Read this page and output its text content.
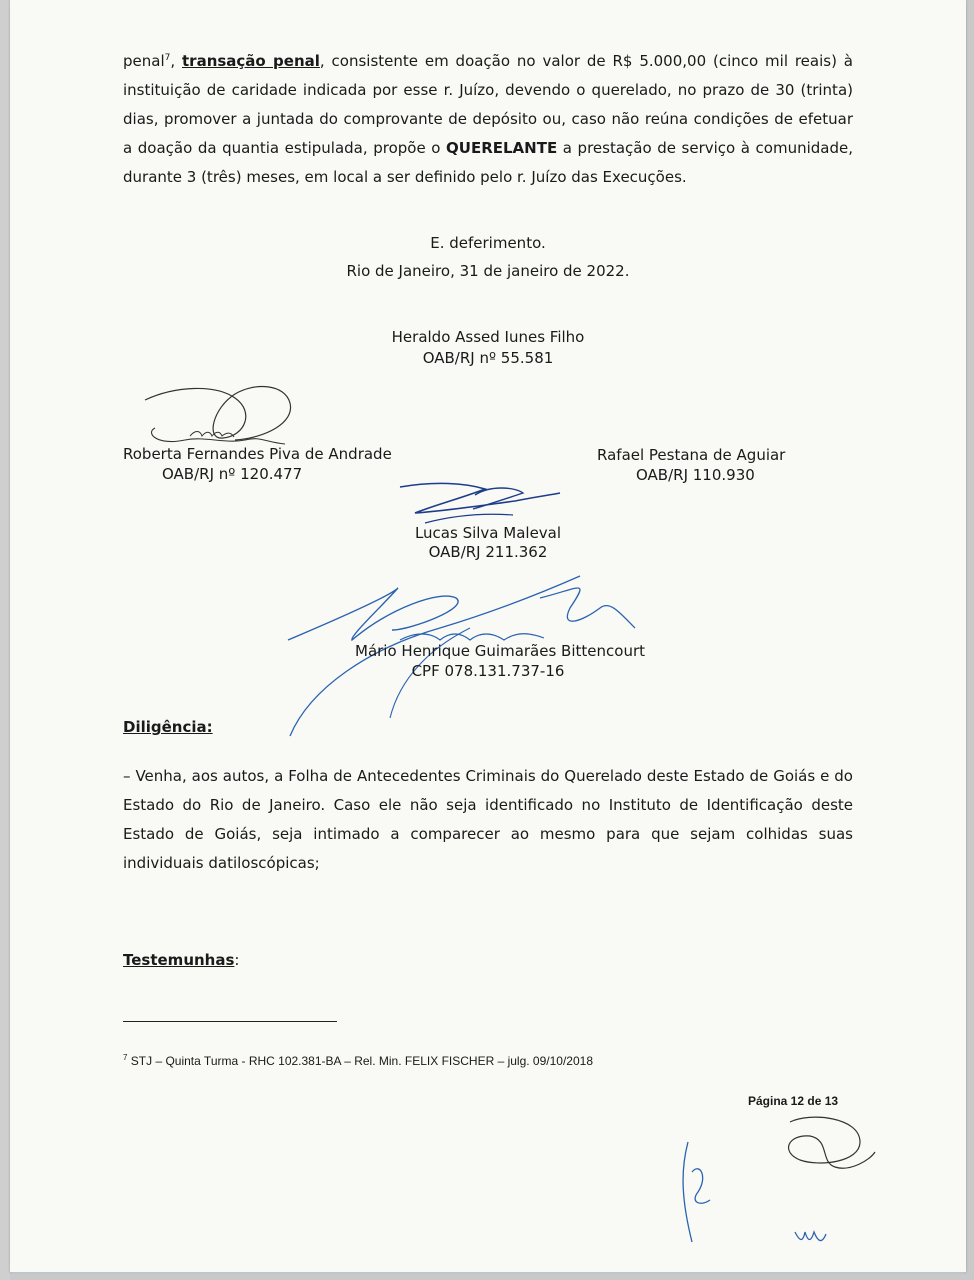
penal$^7$, transação penal, consistente em doação no valor de R$ 5.000,00 (cinco mil reais) à instituição de caridade indicada por esse r. Juízo, devendo o querelado, no prazo de 30 (trinta) dias, promover a juntada do comprovante de depósito ou, caso não reúna condições de efetuar a doação da quantia estipulada, propõe o QUERELANTE a prestação de serviço à comunidade, durante 3 (três) meses, em local a ser definido pelo r. Juízo das Execuções.
E. deferimento.
Rio de Janeiro, 31 de janeiro de 2022.
Heraldo Assed Iunes Filho
OAB/RJ nº 55.581
Roberta Fernandes Piva de Andrade
OAB/RJ nº 120.477
Rafael Pestana de Aguiar
OAB/RJ 110.930
Lucas Silva Maleval
OAB/RJ 211.362
Mário Henrique Guimarães Bittencourt
CPF 078.131.737-16
Diligência:
– Venha, aos autos, a Folha de Antecedentes Criminais do Querelado deste Estado de Goiás e do Estado do Rio de Janeiro. Caso ele não seja identificado no Instituto de Identificação deste Estado de Goiás, seja intimado a comparecer ao mesmo para que sejam colhidas suas individuais datiloscópicas;
Testemunhas:
$^7$ STJ – Quinta Turma - RHC 102.381-BA – Rel. Min. FELIX FISCHER – julg. 09/10/2018
Página 12 de 13
